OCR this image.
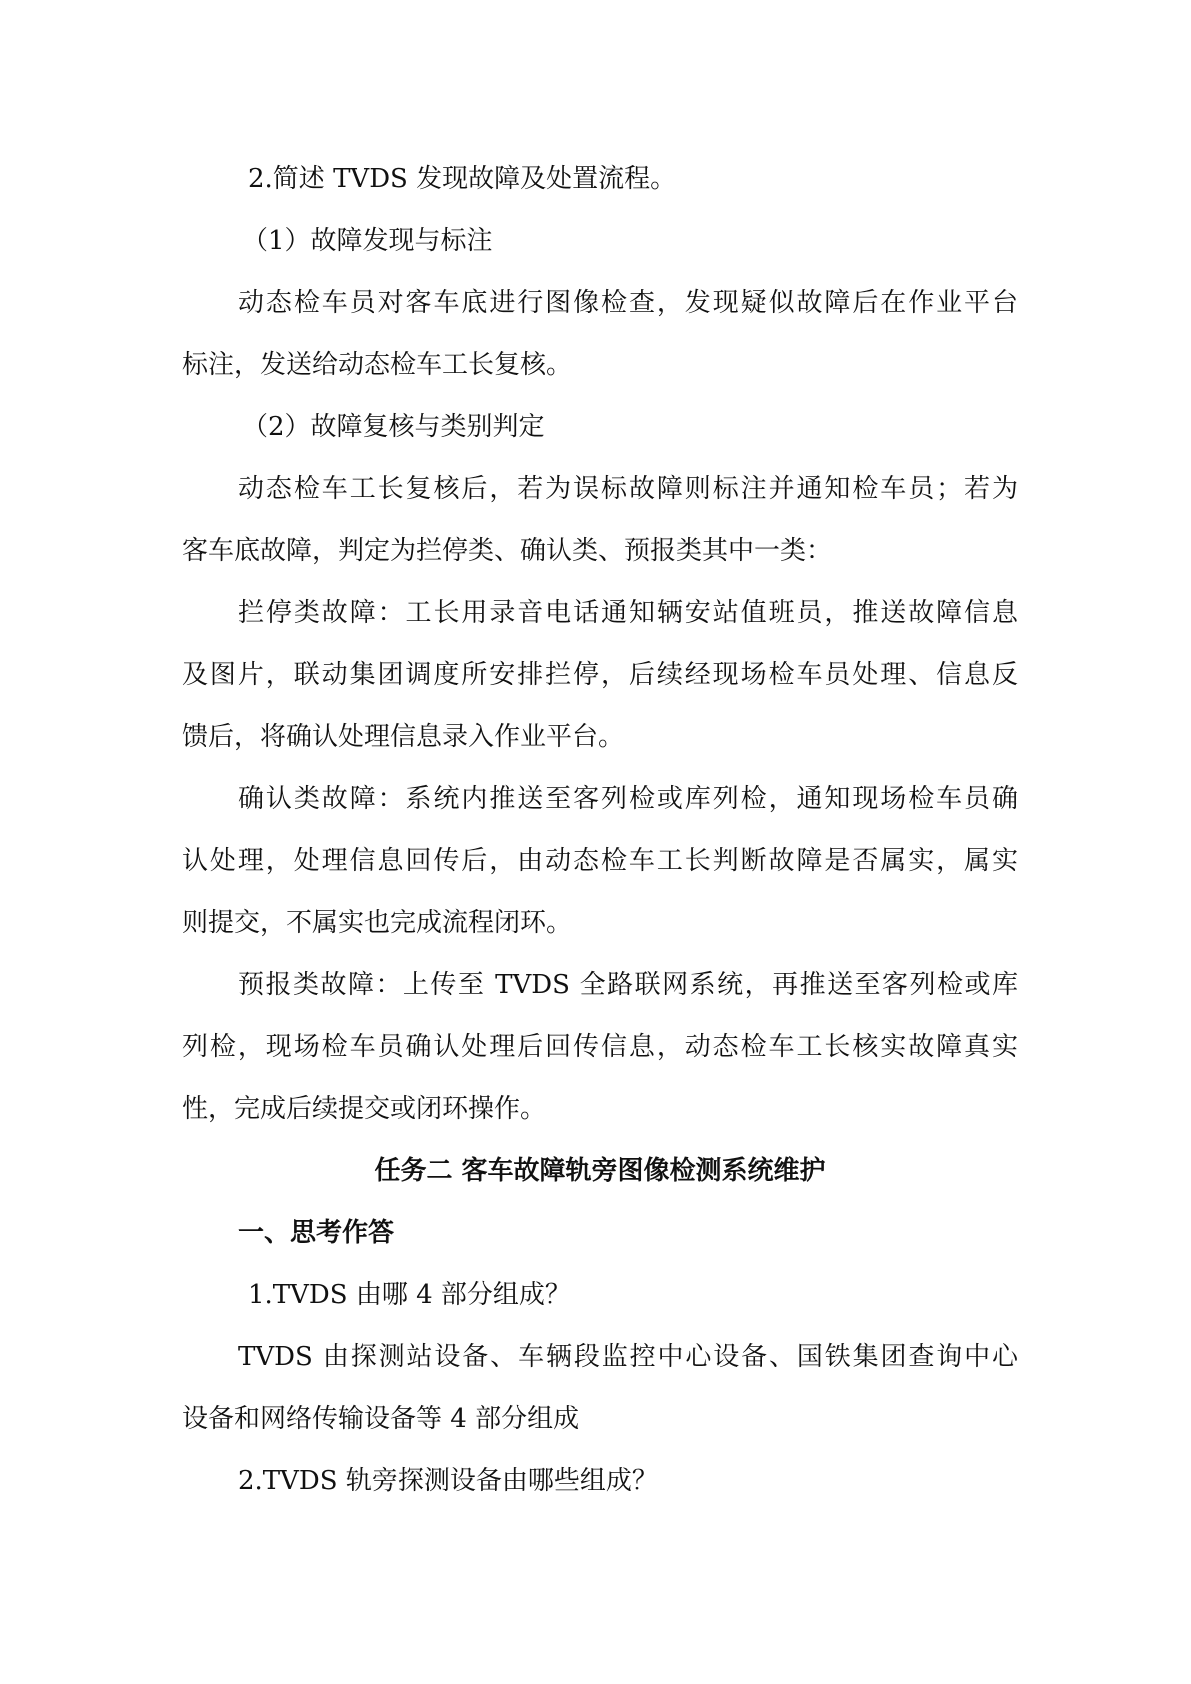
2.简述 TVDS 发现故障及处置流程。
（1）故障发现与标注
动态检车员对客车底进行图像检查，发现疑似故障后在作业平台
标注，发送给动态检车工长复核。
（2）故障复核与类别判定
动态检车工长复核后，若为误标故障则标注并通知检车员；若为
客车底故障，判定为拦停类、确认类、预报类其中一类：
拦停类故障：工长用录音电话通知辆安站值班员，推送故障信息
及图片，联动集团调度所安排拦停，后续经现场检车员处理、信息反
馈后，将确认处理信息录入作业平台。
确认类故障：系统内推送至客列检或库列检，通知现场检车员确
认处理，处理信息回传后，由动态检车工长判断故障是否属实，属实
则提交，不属实也完成流程闭环。
预报类故障：上传至 TVDS 全路联网系统，再推送至客列检或库
列检，现场检车员确认处理后回传信息，动态检车工长核实故障真实
性，完成后续提交或闭环操作。
任务二 客车故障轨旁图像检测系统维护
一、思考作答
1.TVDS 由哪 4 部分组成？
TVDS 由探测站设备、车辆段监控中心设备、国铁集团查询中心
设备和网络传输设备等 4 部分组成
2.TVDS 轨旁探测设备由哪些组成？
